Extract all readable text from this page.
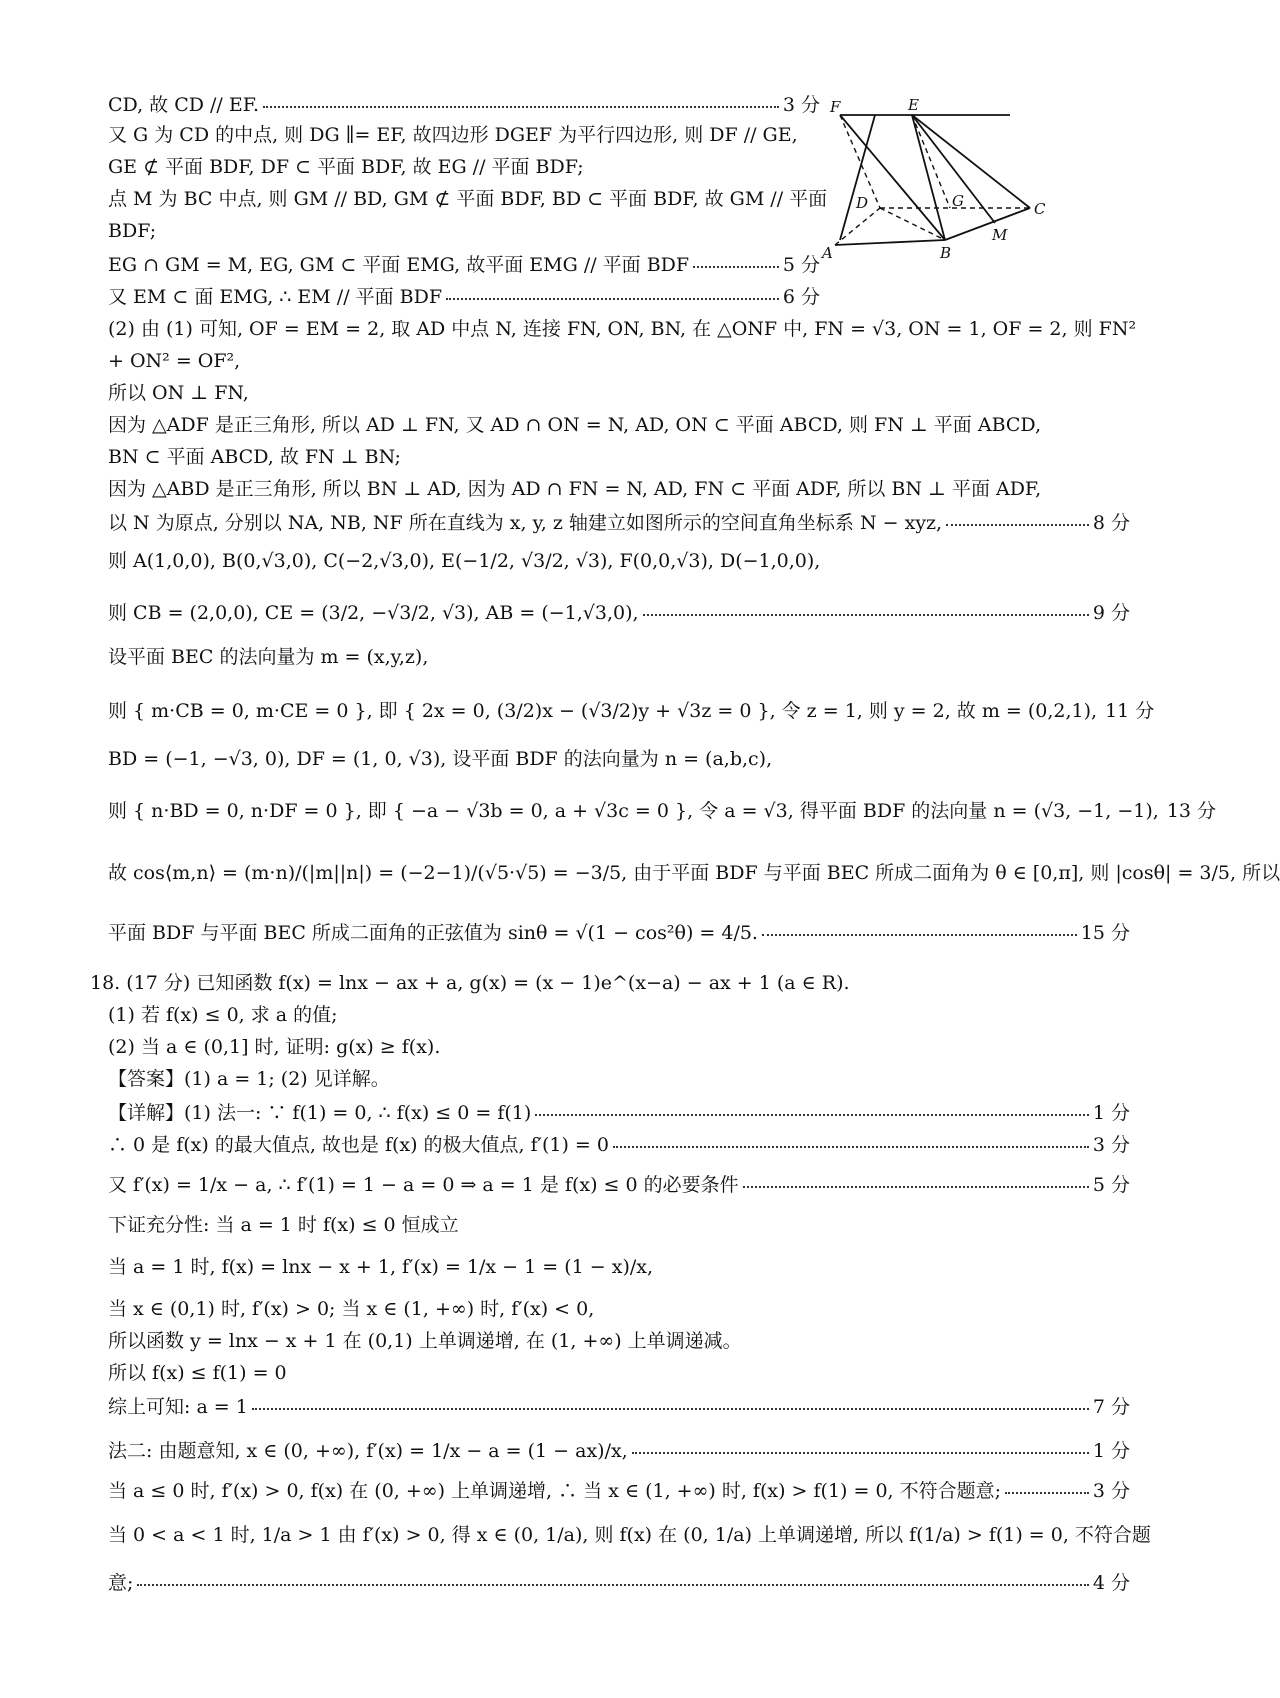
CD, 故 CD // EF.	3 分
又 G 为 CD 的中点, 则 DG ∥= EF, 故四边形 DGEF 为平行四边形, 则 DF // GE,
GE ⊄ 平面 BDF, DF ⊂ 平面 BDF, 故 EG // 平面 BDF;
点 M 为 BC 中点, 则 GM // BD, GM ⊄ 平面 BDF, BD ⊂ 平面 BDF, 故 GM // 平面
BDF;
EG ∩ GM = M, EG, GM ⊂ 平面 EMG, 故平面 EMG // 平面 BDF	5 分
又 EM ⊂ 面 EMG, ∴ EM // 平面 BDF	6 分
(2) 由 (1) 可知, OF = EM = 2, 取 AD 中点 N, 连接 FN, ON, BN, 在 △ONF 中, FN = √3, ON = 1, OF = 2, 则 FN²
+ ON² = OF²,
所以 ON ⊥ FN,
因为 △ADF 是正三角形, 所以 AD ⊥ FN, 又 AD ∩ ON = N, AD, ON ⊂ 平面 ABCD, 则 FN ⊥ 平面 ABCD,
BN ⊂ 平面 ABCD, 故 FN ⊥ BN;
因为 △ABD 是正三角形, 所以 BN ⊥ AD, 因为 AD ∩ FN = N, AD, FN ⊂ 平面 ADF, 所以 BN ⊥ 平面 ADF,
以 N 为原点, 分别以 NA, NB, NF 所在直线为 x, y, z 轴建立如图所示的空间直角坐标系 N − xyz,	8 分
则 A(1,0,0), B(0,√3,0), C(−2,√3,0), E(−1/2, √3/2, √3), F(0,0,√3), D(−1,0,0),
则 CB = (2,0,0), CE = (3/2, −√3/2, √3), AB = (−1,√3,0),	9 分
设平面 BEC 的法向量为 m = (x,y,z),
则 { m·CB = 0, m·CE = 0 }, 即 { 2x = 0, (3/2)x − (√3/2)y + √3z = 0 }, 令 z = 1, 则 y = 2, 故 m = (0,2,1), 11 分
BD = (−1, −√3, 0), DF = (1, 0, √3), 设平面 BDF 的法向量为 n = (a,b,c),
则 { n·BD = 0, n·DF = 0 }, 即 { −a − √3b = 0, a + √3c = 0 }, 令 a = √3, 得平面 BDF 的法向量 n = (√3, −1, −1), 13 分
故 cos⟨m,n⟩ = (m·n)/(|m||n|) = (−2−1)/(√5·√5) = −3/5, 由于平面 BDF 与平面 BEC 所成二面角为 θ ∈ [0,π], 则 |cosθ| = 3/5, 所以
平面 BDF 与平面 BEC 所成二面角的正弦值为 sinθ = √(1 − cos²θ) = 4/5.	15 分
18. (17 分) 已知函数 f(x) = lnx − ax + a, g(x) = (x − 1)e^(x−a) − ax + 1 (a ∈ R).
(1) 若 f(x) ≤ 0, 求 a 的值;
(2) 当 a ∈ (0,1] 时, 证明: g(x) ≥ f(x).
【答案】(1) a = 1; (2) 见详解。
【详解】(1) 法一: ∵ f(1) = 0, ∴ f(x) ≤ 0 = f(1)	1 分
∴ 0 是 f(x) 的最大值点, 故也是 f(x) 的极大值点, f′(1) = 0	3 分
又 f′(x) = 1/x − a, ∴ f′(1) = 1 − a = 0 ⇒ a = 1 是 f(x) ≤ 0 的必要条件	5 分
下证充分性: 当 a = 1 时 f(x) ≤ 0 恒成立
当 a = 1 时, f(x) = lnx − x + 1, f′(x) = 1/x − 1 = (1 − x)/x,
当 x ∈ (0,1) 时, f′(x) > 0; 当 x ∈ (1, +∞) 时, f′(x) < 0,
所以函数 y = lnx − x + 1 在 (0,1) 上单调递增, 在 (1, +∞) 上单调递减。
所以 f(x) ≤ f(1) = 0
综上可知: a = 1	7 分
法二: 由题意知, x ∈ (0, +∞), f′(x) = 1/x − a = (1 − ax)/x,	1 分
当 a ≤ 0 时, f′(x) > 0, f(x) 在 (0, +∞) 上单调递增, ∴ 当 x ∈ (1, +∞) 时, f(x) > f(1) = 0, 不符合题意;	3 分
当 0 < a < 1 时, 1/a > 1 由 f′(x) > 0, 得 x ∈ (0, 1/a), 则 f(x) 在 (0, 1/a) 上单调递增, 所以 f(1/a) > f(1) = 0, 不符合题
意;	4 分
F	E
D	G	C
A	B
M
